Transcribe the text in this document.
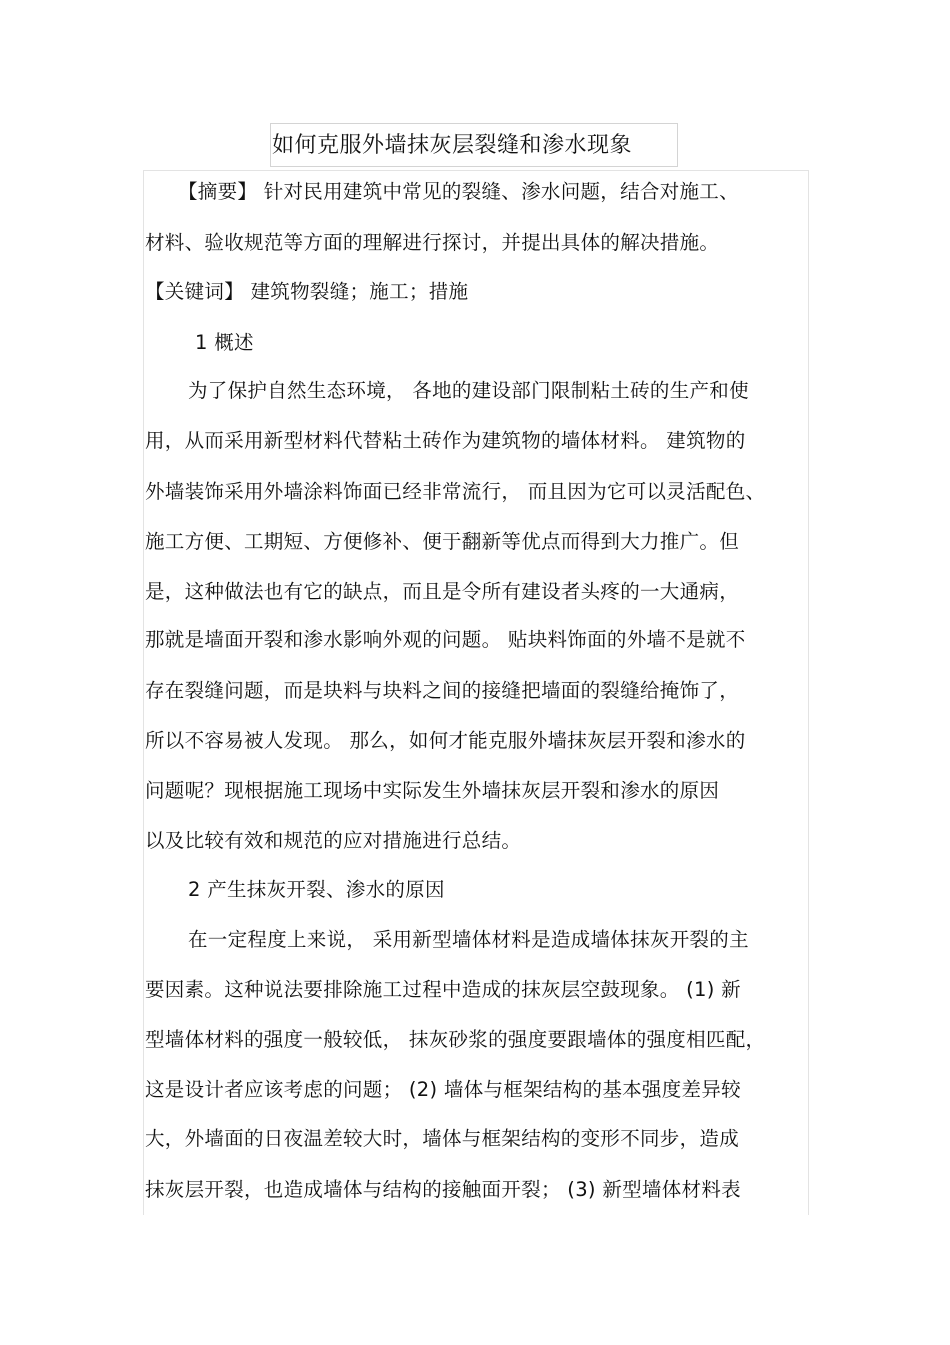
如何克服外墙抹灰层裂缝和渗水现象
【摘要】 针对民用建筑中常见的裂缝、渗水问题，结合对施工、
材料、验收规范等方面的理解进行探讨，并提出具体的解决措施。
【关键词】 建筑物裂缝；施工；措施
1 概述
为了保护自然生态环境， 各地的建设部门限制粘土砖的生产和使
用，从而采用新型材料代替粘土砖作为建筑物的墙体材料。 建筑物的
外墙装饰采用外墙涂料饰面已经非常流行， 而且因为它可以灵活配色、
施工方便、工期短、方便修补、便于翻新等优点而得到大力推广。但
是，这种做法也有它的缺点，而且是令所有建设者头疼的一大通病，
那就是墙面开裂和渗水影响外观的问题。 贴块料饰面的外墙不是就不
存在裂缝问题，而是块料与块料之间的接缝把墙面的裂缝给掩饰了，
所以不容易被人发现。 那么，如何才能克服外墙抹灰层开裂和渗水的
问题呢？现根据施工现场中实际发生外墙抹灰层开裂和渗水的原因
以及比较有效和规范的应对措施进行总结。
2 产生抹灰开裂、渗水的原因
在一定程度上来说， 采用新型墙体材料是造成墙体抹灰开裂的主
要因素。这种说法要排除施工过程中造成的抹灰层空鼓现象。 (1) 新
型墙体材料的强度一般较低， 抹灰砂浆的强度要跟墙体的强度相匹配，
这是设计者应该考虑的问题； (2) 墙体与框架结构的基本强度差异较
大，外墙面的日夜温差较大时，墙体与框架结构的变形不同步，造成
抹灰层开裂，也造成墙体与结构的接触面开裂； (3) 新型墙体材料表
